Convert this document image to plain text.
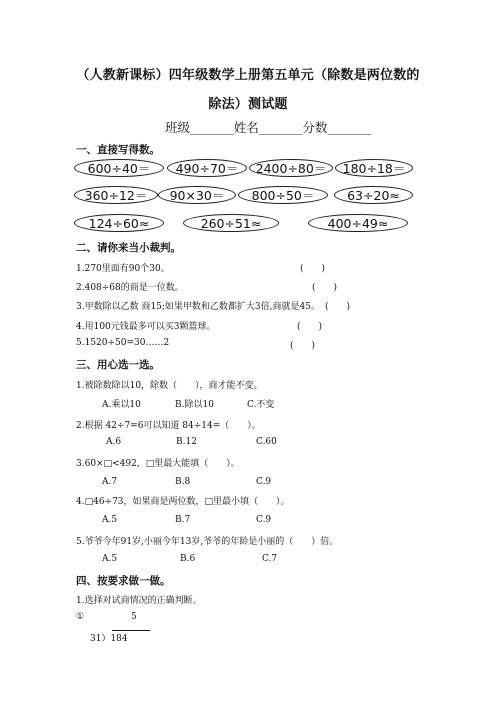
（人教新课标）四年级数学上册第五单元（除数是两位数的
除法）测试题
班级_______姓名_______分数_______
一、直接写得数。
600÷40＝	490÷70＝	2400÷80＝	180÷18＝
360÷12＝	90×30＝	800÷50＝	63÷20≈
124÷60≈	260÷51≈	400÷49≈
二、请你来当小裁判。
1.270里面有90个30。	(　　)
2.408÷68的商是一位数。	(　　)
3.甲数除以乙数 商15;如果甲数和乙数都扩大3倍,商就是45。 (　　)
4.用100元钱最多可以买3颗篮球。	(　　)
5.1520÷50=30……2	(　　)
三、用心选一选。
1.被除数除以10，除数（　　），商才能不变。
A.乘以10	B.除以10	C.不变
2.根据 42÷7=6可以知道 84÷14=（　　）。
A.6	B.12	C.60
3.60×□<492，□里最大能填（　　）。
A.7	B.8	C.9
4.□46÷73，如果商是两位数，□里最小填（　　）。
A.5	B.7	C.9
5.爷爷今年91岁,小丽今年13岁,爷爷的年龄是小丽的（　　）倍。
A.5	B.6	C.7
四、按要求做一做。
1.选择对试商情况的正确判断。
①	5
31）184
